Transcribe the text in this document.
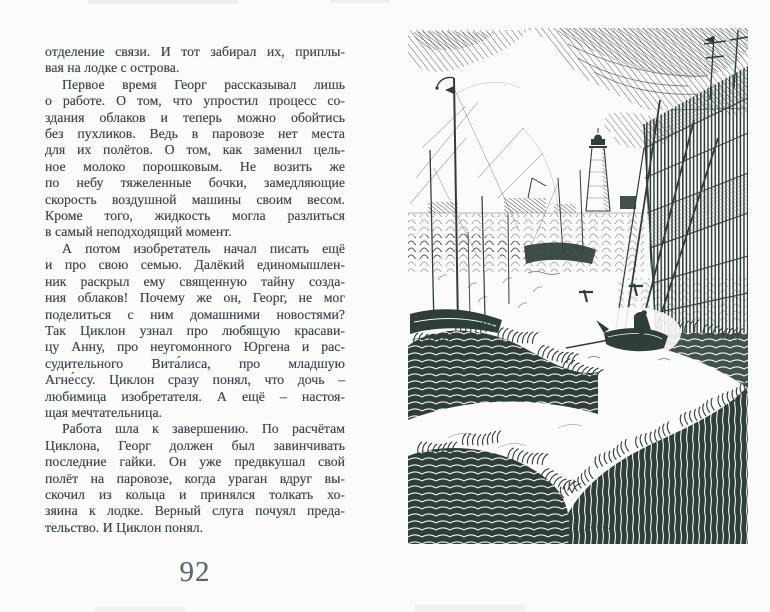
отделение связи. И тот забирал их, приплы-
вая на лодке с острова.
Первое время Георг рассказывал лишь
о работе. О том, что упростил процесс со-
здания облаков и теперь можно обойтись
без пухликов. Ведь в паровозе нет места
для их полётов. О том, как заменил цель-
ное молоко порошковым. Не возить же
по небу тяжеленные бочки, замедляющие
скорость воздушной машины своим весом.
Кроме того, жидкость могла разлиться
в самый неподходящий момент.
А потом изобретатель начал писать ещё
и про свою семью. Далёкий единомышлен-
ник раскрыл ему священную тайну созда-
ния облаков! Почему же он, Георг, не мог
поделиться с ним домашними новостями?
Так Циклон узнал про любящую красави-
цу Анну, про неугомонного Юргена и рас-
судительного Вита́лиса, про младшую
Агне́ссу. Циклон сразу понял, что дочь –
любимица изобретателя. А ещё – настоя-
щая мечтательница.
Работа шла к завершению. По расчётам
Циклона, Георг должен был завинчивать
последние гайки. Он уже предвкушал свой
полёт на паровозе, когда ураган вдруг вы-
скочил из кольца и принялся толкать хо-
зяина к лодке. Верный слуга почуял преда-
тельство. И Циклон понял.
92
